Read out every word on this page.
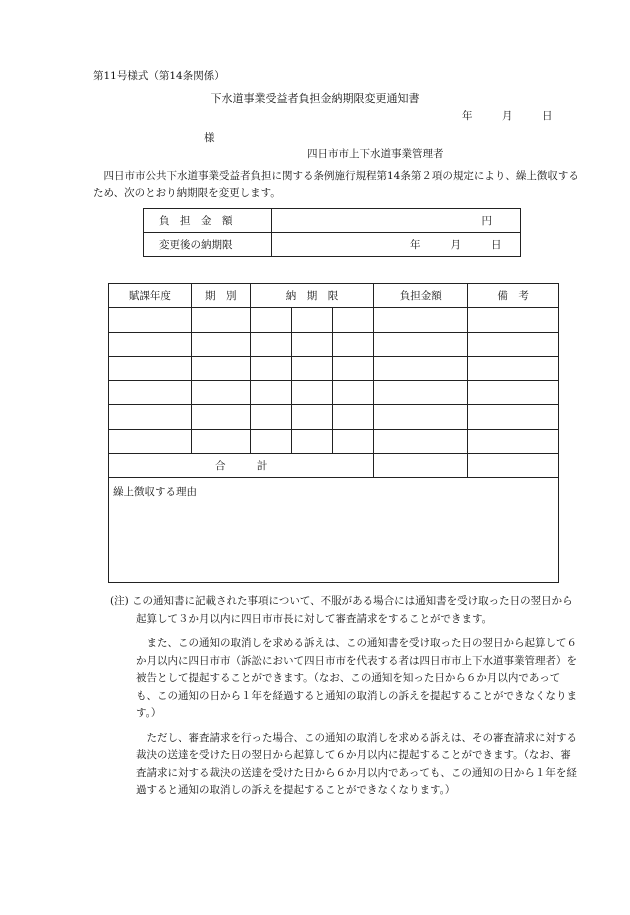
第11号様式（第14条関係）
下水道事業受益者負担金納期限変更通知書
年	月	日
様
四日市市上下水道事業管理者
四日市市公共下水道事業受益者負担に関する条例施行規程第14条第２項の規定により、繰上徴収するため、次のとおり納期限を変更します。
負　担　金　額	円
変更後の納期限	年 月 日
賦課年度	期　別	納　期　限			負担金額	備　考

合　　　計						
繰上徴収する理由						

(注) この通知書に記載された事項について、不服がある場合には通知書を受け取った日の翌日から起算して３か月以内に四日市市長に対して審査請求をすることができます。

また、この通知の取消しを求める訴えは、この通知書を受け取った日の翌日から起算して６か月以内に四日市市（訴訟において四日市市を代表する者は四日市市上下水道事業管理者）を被告として提起することができます。（なお、この通知を知った日から６か月以内であっても、この通知の日から１年を経過すると通知の取消しの訴えを提起することができなくなります。）

ただし、審査請求を行った場合、この通知の取消しを求める訴えは、その審査請求に対する裁決の送達を受けた日の翌日から起算して６か月以内に提起することができます。（なお、審査請求に対する裁決の送達を受けた日から６か月以内であっても、この通知の日から１年を経過すると通知の取消しの訴えを提起することができなくなります。）
